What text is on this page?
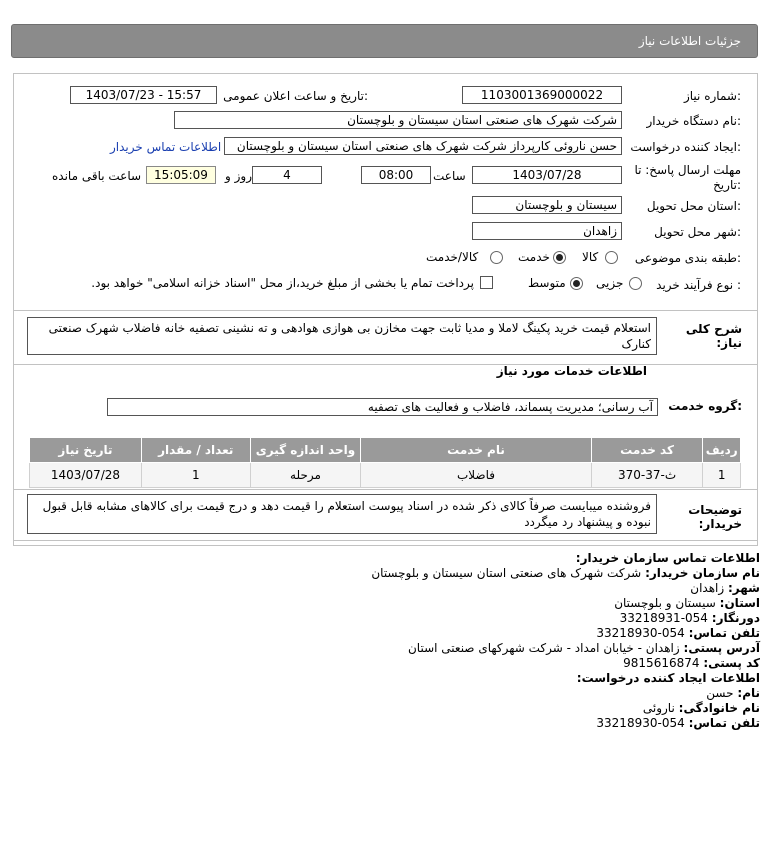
جزئیات اطلاعات نیاز
شماره نیاز:
1103001369000022
تاریخ و ساعت اعلان عمومی:
1403/07/23 - 15:57
نام دستگاه خریدار:
شرکت شهرک های صنعتی استان سیستان و بلوچستان
ایجاد کننده درخواست:
حسن ناروئی کارپرداز شرکت شهرک های صنعتی استان سیستان و بلوچستان
اطلاعات تماس خریدار
مهلت ارسال پاسخ: تا
تاریخ:
1403/07/28
ساعت
08:00
4
روز و
15:05:09
ساعت باقی مانده
استان محل تحویل:
سیستان و بلوچستان
شهر محل تحویل:
زاهدان
طبقه بندی موضوعی:
کالا
خدمت
کالا/خدمت
نوع فرآیند خرید :
جزیی
متوسط
پرداخت تمام یا بخشی از مبلغ خرید،از محل "اسناد خزانه اسلامی" خواهد بود.
شرح کلی نیاز:
استعلام قیمت خرید پکینگ لاملا و مدیا ثابت جهت مخازن بی هوازی هوادهی و ته نشینی تصفیه خانه فاضلاب شهرک صنعتی کنارک
اطلاعات خدمات مورد نیاز
گروه خدمت:
آب رسانی؛ مدیریت پسماند، فاضلاب و فعالیت های تصفیه
ردیف	کد خدمت	نام خدمت	واحد اندازه گیری	تعداد / مقدار	تاریخ نیاز
1	ث-37-370	فاضلاب	مرحله	1	1403/07/28
توضیحات خریدار:
فروشنده میبایست صرفاً کالای ذکر شده در اسناد پیوست استعلام را قیمت دهد و درج قیمت برای کالاهای مشابه قابل قبول نبوده و پیشنهاد رد میگردد
اطلاعات تماس سازمان خریدار:
نام سازمان خریدار: شرکت شهرک های صنعتی استان سیستان و بلوچستان
شهر: زاهدان
استان: سیستان و بلوچستان
دورنگار: 054-33218931
تلفن تماس: 054-33218930
آدرس پستی: زاهدان - خیابان امداد - شرکت شهرکهای صنعتی استان
کد پستی: 9815616874
اطلاعات ایجاد کننده درخواست:
نام: حسن
نام خانوادگی: ناروئی
تلفن تماس: 054-33218930
